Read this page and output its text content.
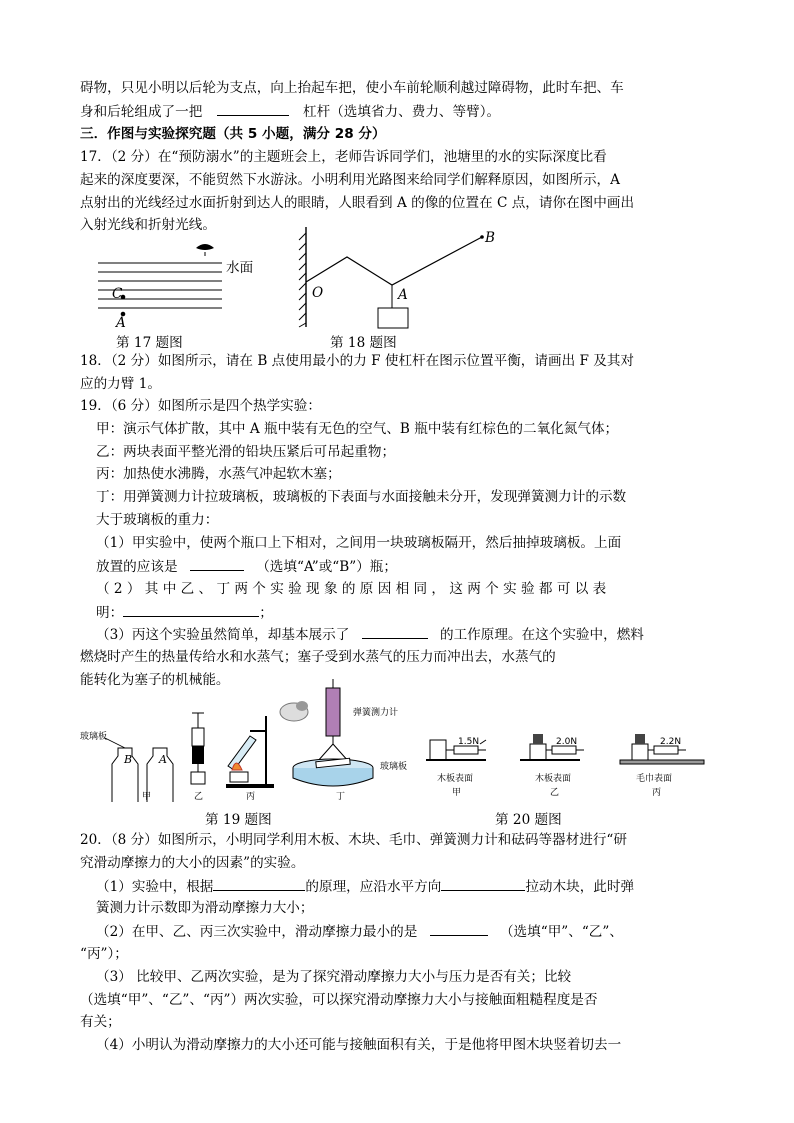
碍物，只见小明以后轮为支点，向上抬起车把，使小车前轮顺利越过障碍物，此时车把、车
身和后轮组成了一把	杠杆（选填省力、费力、等臂）。
三．作图与实验探究题（共 5 小题，满分 28 分）
17．（2 分）在“预防溺水”的主题班会上，老师告诉同学们，池塘里的水的实际深度比看
起来的深度要深，不能贸然下水游泳。小明利用光路图来给同学们解释原因，如图所示，A
点射出的光线经过水面折射到达人的眼睛，人眼看到 A 的像的位置在 C 点，请你在图中画出
入射光线和折射光线。
水面
C
A
第 17 题图
O	A
B
第 18 题图
18．（2 分）如图所示，请在 B 点使用最小的力 F 使杠杆在图示位置平衡，请画出 F 及其对
应的力臂 1。
19．（6 分）如图所示是四个热学实验：
甲：演示气体扩散，其中 A 瓶中装有无色的空气、B 瓶中装有红棕色的二氧化氮气体；
乙：两块表面平整光滑的铅块压紧后可吊起重物；
丙：加热使水沸腾，水蒸气冲起软木塞；
丁：用弹簧测力计拉玻璃板，玻璃板的下表面与水面接触未分开，发现弹簧测力计的示数
大于玻璃板的重力：
（1）甲实验中，使两个瓶口上下相对，之间用一块玻璃板隔开，然后抽掉玻璃板。上面
放置的应该是	（选填“A”或“B”）瓶；
（ 2 ） 其 中 乙 、 丁 两 个 实 验 现 象 的 原 因 相 同 ， 这 两 个 实 验 都 可 以 表
明：	；
（3）丙这个实验虽然简单，却基本展示了	的工作原理。在这个实验中，燃料
燃烧时产生的热量传给水和水蒸气；塞子受到水蒸气的压力而冲出去，水蒸气的
能转化为塞子的机械能。
玻璃板
B A
甲	乙	丙	丁
弹簧测力计
玻璃板
第 19 题图
1.5N	2.0N	2.2N
木板表面	木板表面	毛巾表面
甲	乙	丙
第 20 题图
20．（8 分）如图所示，小明同学利用木板、木块、毛巾、弹簧测力计和砝码等器材进行“研
究滑动摩擦力的大小的因素”的实验。
（1）实验中，根据	的原理，应沿水平方向	拉动木块，此时弹
簧测力计示数即为滑动摩擦力大小；
（2）在甲、乙、丙三次实验中，滑动摩擦力最小的是	（选填“甲”、“乙”、
“丙”）；
（3） 比较甲、乙两次实验，是为了探究滑动摩擦力大小与压力是否有关；比较
（选填“甲”、“乙”、“丙”）两次实验，可以探究滑动摩擦力大小与接触面粗糙程度是否
有关；
（4）小明认为滑动摩擦力的大小还可能与接触面积有关，于是他将甲图木块竖着切去一
